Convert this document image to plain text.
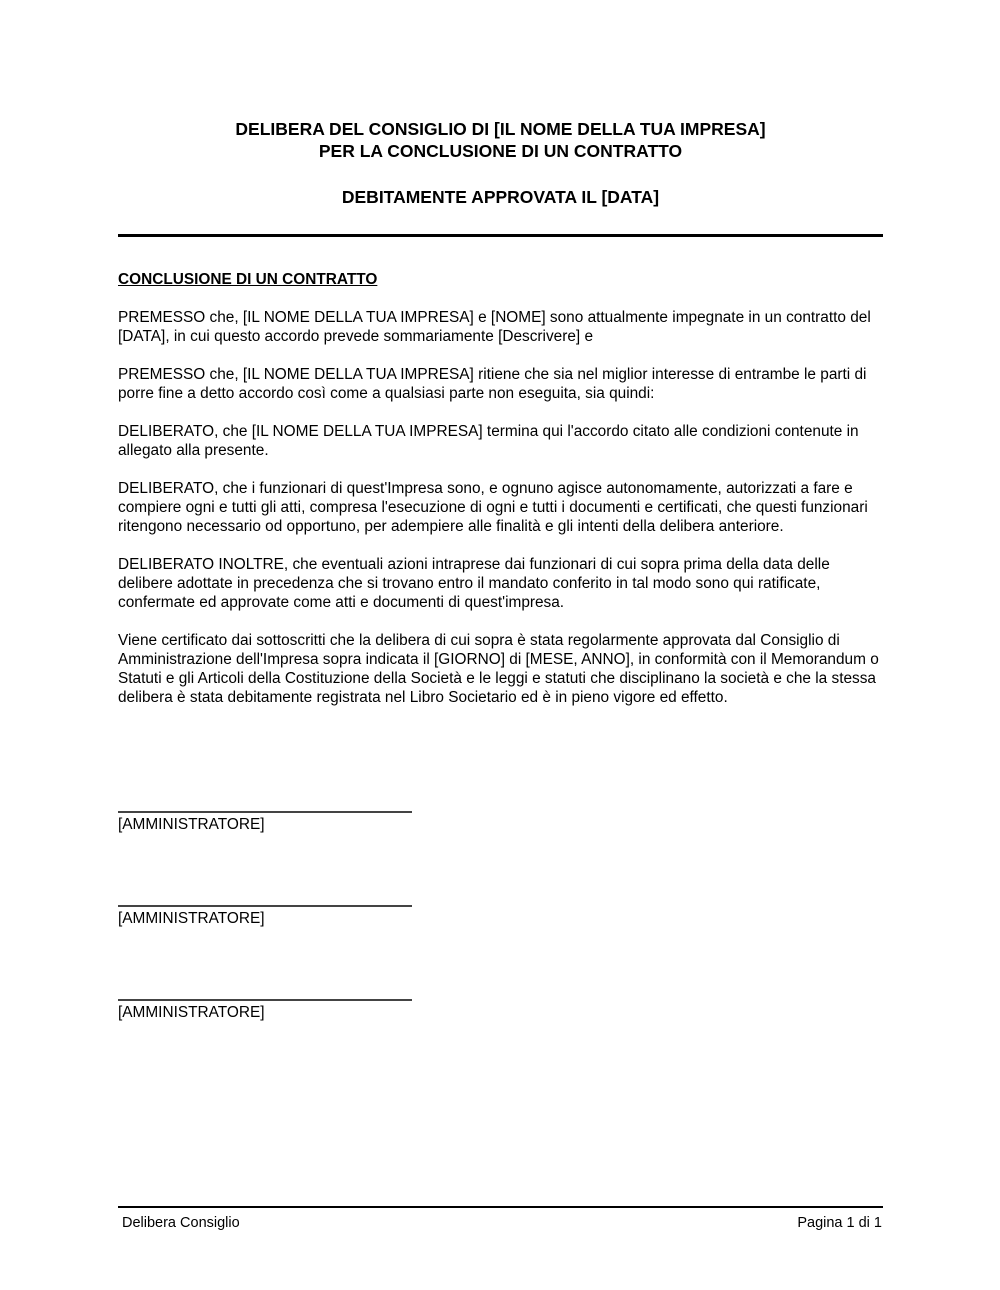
DELIBERA DEL CONSIGLIO DI [IL NOME DELLA TUA IMPRESA]
PER LA CONCLUSIONE DI UN CONTRATTO
DEBITAMENTE APPROVATA IL [DATA]
CONCLUSIONE DI UN CONTRATTO

PREMESSO che, [IL NOME DELLA TUA IMPRESA] e [NOME] sono attualmente impegnate in un contratto del [DATA], in cui questo accordo prevede sommariamente [Descrivere] e

PREMESSO che, [IL NOME DELLA TUA IMPRESA] ritiene che sia nel miglior interesse di entrambe le parti di porre fine a detto accordo così come a qualsiasi parte non eseguita, sia quindi:

DELIBERATO, che [IL NOME DELLA TUA IMPRESA] termina qui l'accordo citato alle condizioni contenute in allegato alla presente.

DELIBERATO, che i funzionari di quest'Impresa sono, e ognuno agisce autonomamente, autorizzati a fare e compiere ogni e tutti gli atti, compresa l'esecuzione di ogni e tutti i documenti e certificati, che questi funzionari ritengono necessario od opportuno, per adempiere alle finalità e gli intenti della delibera anteriore.

DELIBERATO INOLTRE, che eventuali azioni intraprese dai funzionari di cui sopra prima della data delle delibere adottate in precedenza che si trovano entro il mandato conferito in tal modo sono qui ratificate, confermate ed approvate come atti e documenti di quest'impresa.

Viene certificato dai sottoscritti che la delibera di cui sopra è stata regolarmente approvata dal Consiglio di Amministrazione dell'Impresa sopra indicata il [GIORNO] di [MESE, ANNO], in conformità con il Memorandum o Statuti e gli Articoli della Costituzione della Società e le leggi e statuti che disciplinano la società e che la stessa delibera è stata debitamente registrata nel Libro Societario ed è in pieno vigore ed effetto.

[AMMINISTRATORE]
[AMMINISTRATORE]
[AMMINISTRATORE]
Delibera Consiglio	Pagina 1 di 1
